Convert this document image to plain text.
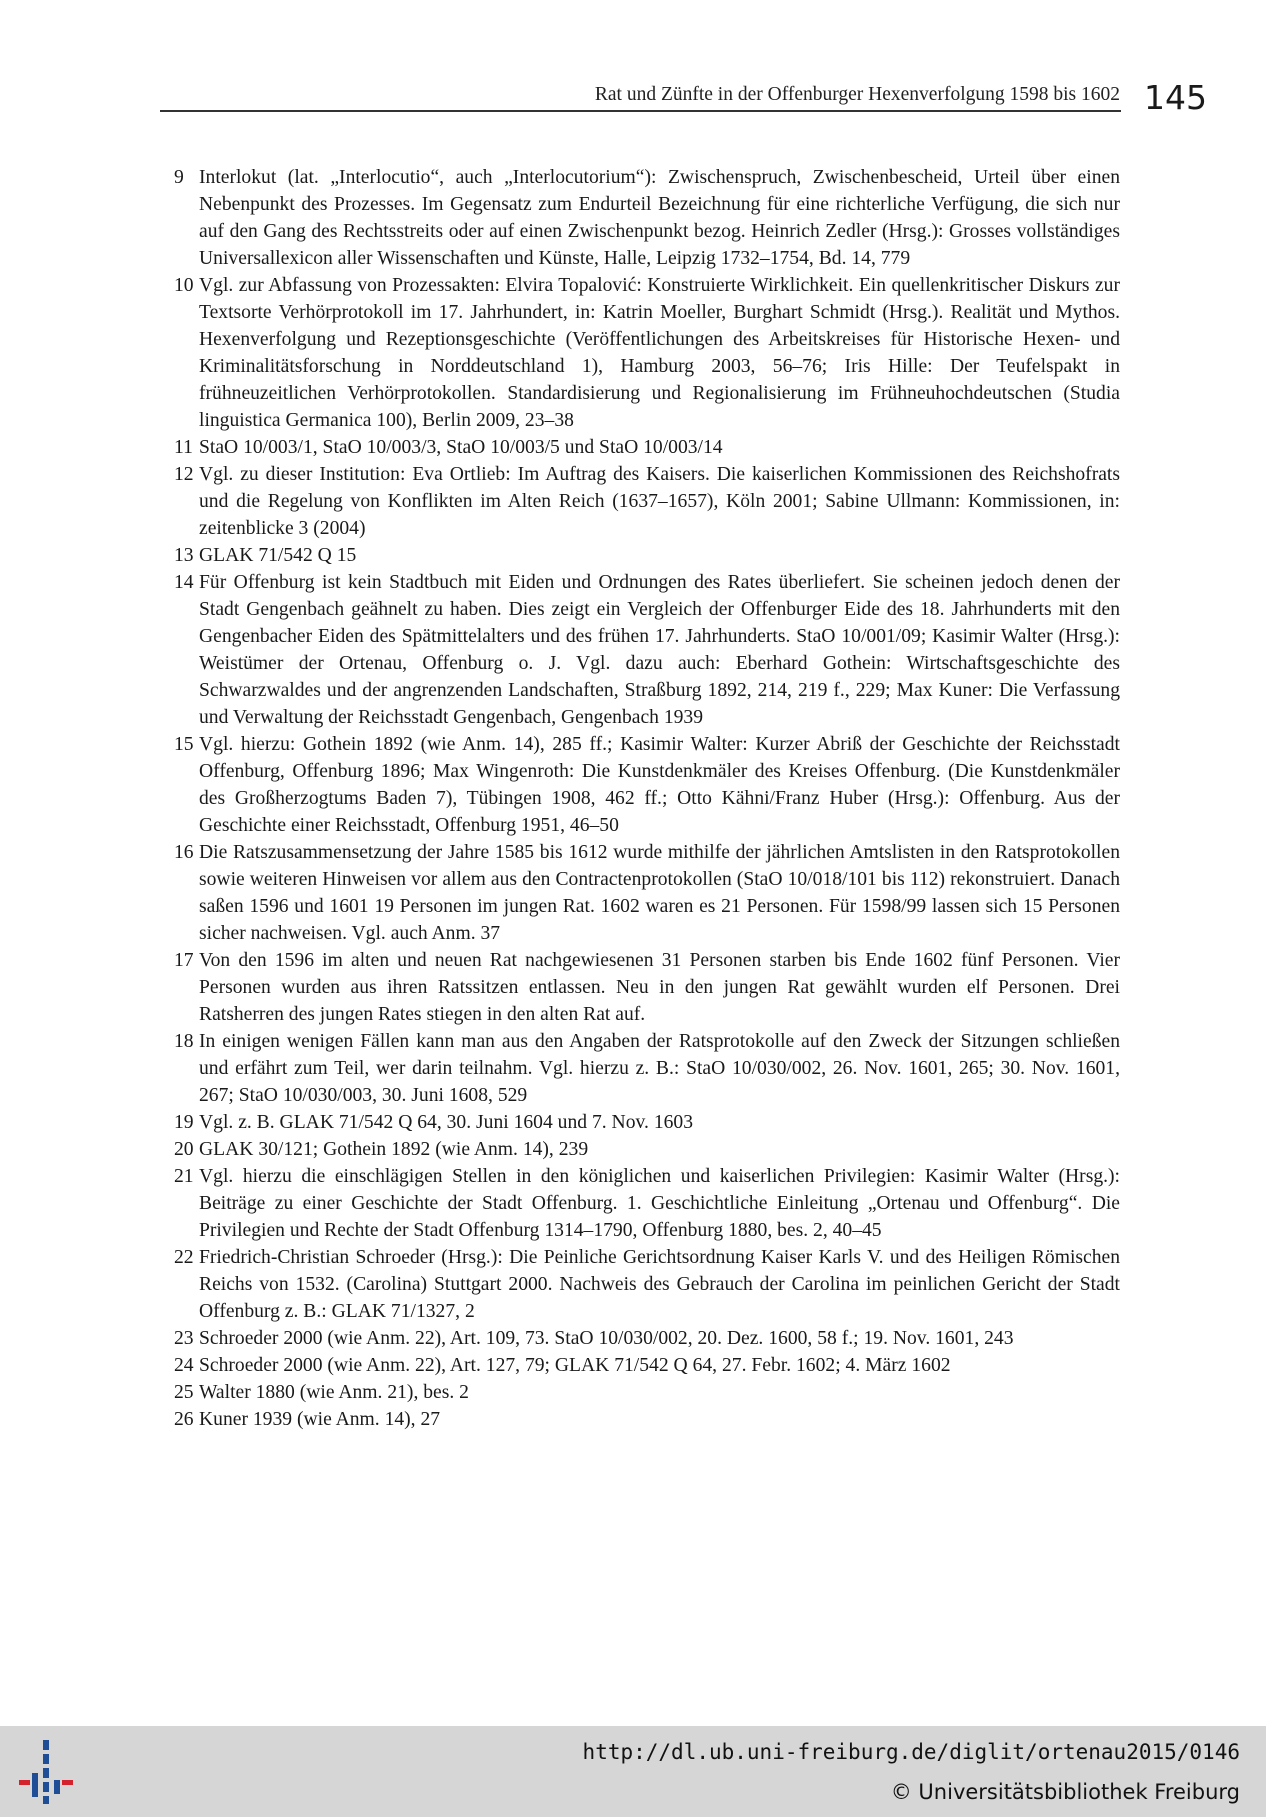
Rat und Zünfte in der Offenburger Hexenverfolgung 1598 bis 1602 145
9 Interlokut (lat. „Interlocutio“, auch „Interlocutorium“): Zwischenspruch, Zwischenbescheid, Urteil über einen Nebenpunkt des Prozesses. Im Gegensatz zum Endurteil Bezeichnung für eine richterliche Verfügung, die sich nur auf den Gang des Rechtsstreits oder auf einen Zwischenpunkt bezog. Heinrich Zedler (Hrsg.): Grosses vollständiges Universallexicon aller Wissenschaften und Künste, Halle, Leipzig 1732–1754, Bd. 14, 779
10 Vgl. zur Abfassung von Prozessakten: Elvira Topalović: Konstruierte Wirklichkeit. Ein quellenkritischer Diskurs zur Textsorte Verhörprotokoll im 17. Jahrhundert, in: Katrin Moeller, Burghart Schmidt (Hrsg.). Realität und Mythos. Hexenverfolgung und Rezeptionsgeschichte (Veröffentlichungen des Arbeitskreises für Historische Hexen- und Kriminalitätsforschung in Norddeutschland 1), Hamburg 2003, 56–76; Iris Hille: Der Teufelspakt in frühneuzeitlichen Verhörprotokollen. Standardisierung und Regionalisierung im Frühneuhochdeutschen (Studia linguistica Germanica 100), Berlin 2009, 23–38
11 StaO 10/003/1, StaO 10/003/3, StaO 10/003/5 und StaO 10/003/14
12 Vgl. zu dieser Institution: Eva Ortlieb: Im Auftrag des Kaisers. Die kaiserlichen Kommissionen des Reichshofrats und die Regelung von Konflikten im Alten Reich (1637–1657), Köln 2001; Sabine Ullmann: Kommissionen, in: zeitenblicke 3 (2004)
13 GLAK 71/542 Q 15
14 Für Offenburg ist kein Stadtbuch mit Eiden und Ordnungen des Rates überliefert. Sie scheinen jedoch denen der Stadt Gengenbach geähnelt zu haben. Dies zeigt ein Vergleich der Offenburger Eide des 18. Jahrhunderts mit den Gengenbacher Eiden des Spätmittelalters und des frühen 17. Jahrhunderts. StaO 10/001/09; Kasimir Walter (Hrsg.): Weistümer der Ortenau, Offenburg o. J. Vgl. dazu auch: Eberhard Gothein: Wirtschaftsgeschichte des Schwarzwaldes und der angrenzenden Landschaften, Straßburg 1892, 214, 219 f., 229; Max Kuner: Die Verfassung und Verwaltung der Reichsstadt Gengenbach, Gengenbach 1939
15 Vgl. hierzu: Gothein 1892 (wie Anm. 14), 285 ff.; Kasimir Walter: Kurzer Abriß der Geschichte der Reichsstadt Offenburg, Offenburg 1896; Max Wingenroth: Die Kunstdenkmäler des Kreises Offenburg. (Die Kunstdenkmäler des Großherzogtums Baden 7), Tübingen 1908, 462 ff.; Otto Kähni/Franz Huber (Hrsg.): Offenburg. Aus der Geschichte einer Reichsstadt, Offenburg 1951, 46–50
16 Die Ratszusammensetzung der Jahre 1585 bis 1612 wurde mithilfe der jährlichen Amtslisten in den Ratsprotokollen sowie weiteren Hinweisen vor allem aus den Contractenprotokollen (StaO 10/018/101 bis 112) rekonstruiert. Danach saßen 1596 und 1601 19 Personen im jungen Rat. 1602 waren es 21 Personen. Für 1598/99 lassen sich 15 Personen sicher nachweisen. Vgl. auch Anm. 37
17 Von den 1596 im alten und neuen Rat nachgewiesenen 31 Personen starben bis Ende 1602 fünf Personen. Vier Personen wurden aus ihren Ratssitzen entlassen. Neu in den jungen Rat gewählt wurden elf Personen. Drei Ratsherren des jungen Rates stiegen in den alten Rat auf.
18 In einigen wenigen Fällen kann man aus den Angaben der Ratsprotokolle auf den Zweck der Sitzungen schließen und erfährt zum Teil, wer darin teilnahm. Vgl. hierzu z. B.: StaO 10/030/002, 26. Nov. 1601, 265; 30. Nov. 1601, 267; StaO 10/030/003, 30. Juni 1608, 529
19 Vgl. z. B. GLAK 71/542 Q 64, 30. Juni 1604 und 7. Nov. 1603
20 GLAK 30/121; Gothein 1892 (wie Anm. 14), 239
21 Vgl. hierzu die einschlägigen Stellen in den königlichen und kaiserlichen Privilegien: Kasimir Walter (Hrsg.): Beiträge zu einer Geschichte der Stadt Offenburg. 1. Geschichtliche Einleitung „Ortenau und Offenburg“. Die Privilegien und Rechte der Stadt Offenburg 1314–1790, Offenburg 1880, bes. 2, 40–45
22 Friedrich-Christian Schroeder (Hrsg.): Die Peinliche Gerichtsordnung Kaiser Karls V. und des Heiligen Römischen Reichs von 1532. (Carolina) Stuttgart 2000. Nachweis des Gebrauch der Carolina im peinlichen Gericht der Stadt Offenburg z. B.: GLAK 71/1327, 2
23 Schroeder 2000 (wie Anm. 22), Art. 109, 73. StaO 10/030/002, 20. Dez. 1600, 58 f.; 19. Nov. 1601, 243
24 Schroeder 2000 (wie Anm. 22), Art. 127, 79; GLAK 71/542 Q 64, 27. Febr. 1602; 4. März 1602
25 Walter 1880 (wie Anm. 21), bes. 2
26 Kuner 1939 (wie Anm. 14), 27
http://dl.ub.uni-freiburg.de/diglit/ortenau2015/0146
© Universitätsbibliothek Freiburg
